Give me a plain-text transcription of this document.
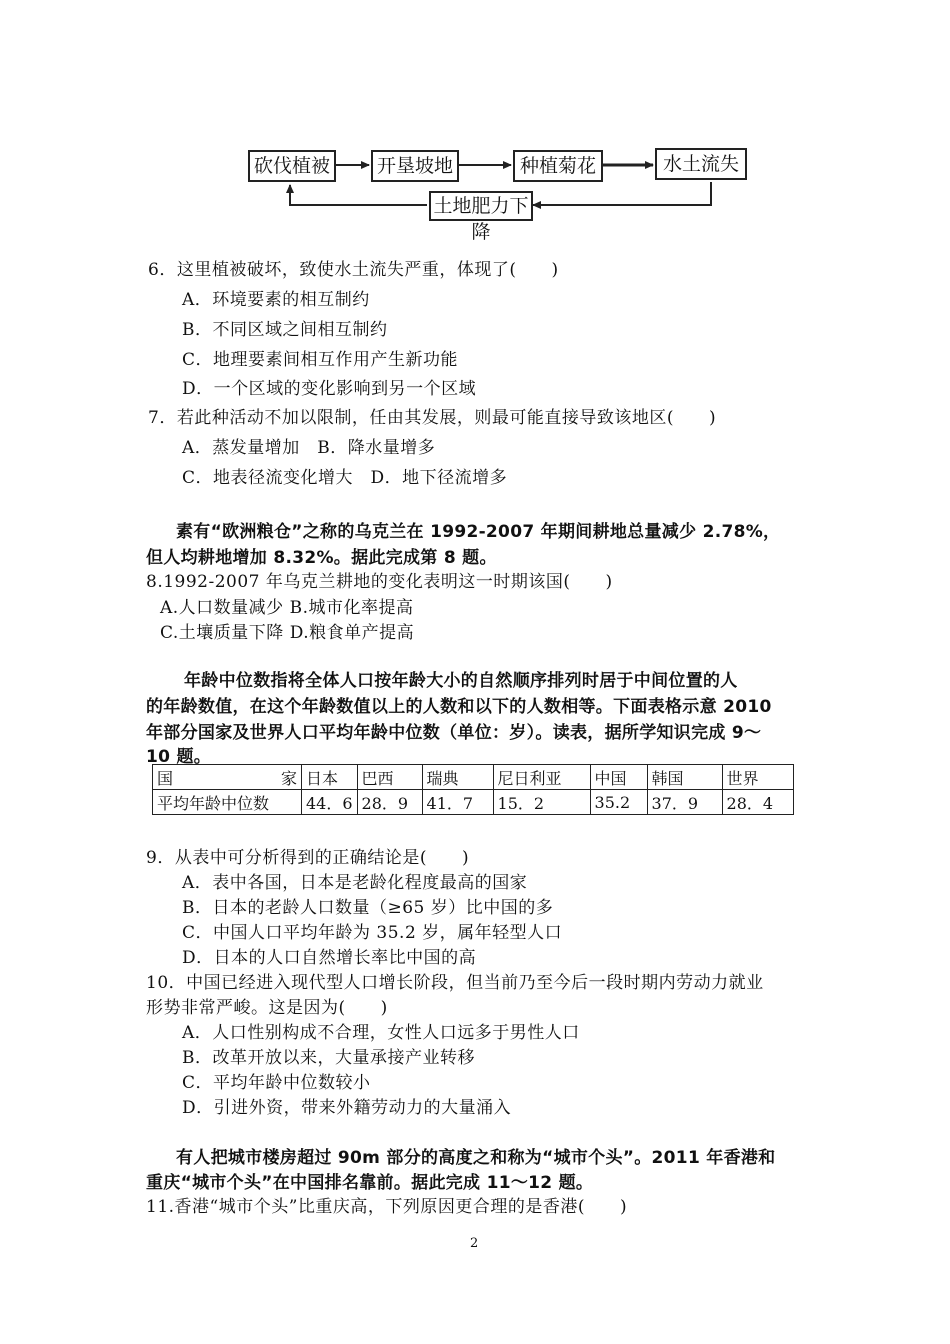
砍伐植被	开垦坡地	种植菊花	水土流失
土地肥力下降
6．这里植被破坏，致使水土流失严重，体现了(　　)
A．环境要素的相互制约
B．不同区域之间相互制约
C．地理要素间相互作用产生新功能
D．一个区域的变化影响到另一个区域
7．若此种活动不加以限制，任由其发展，则最可能直接导致该地区(　　)
A．蒸发量增加　B．降水量增多
C．地表径流变化增大　D．地下径流增多
素有“欧洲粮仓”之称的乌克兰在 1992-2007 年期间耕地总量减少 2.78%，
但人均耕地增加 8.32%。据此完成第 8 题。
8.1992-2007 年乌克兰耕地的变化表明这一时期该国(　　)
A.人口数量减少 B.城市化率提高
C.土壤质量下降 D.粮食单产提高
年龄中位数指将全体人口按年龄大小的自然顺序排列时居于中间位置的人
的年龄数值，在这个年龄数值以上的人数和以下的人数相等。下面表格示意 2010
年部分国家及世界人口平均年龄中位数（单位：岁）。读表，据所学知识完成 9～
10 题。
国 家	日本	巴西	瑞典	尼日利亚	中国	韩国	世界
平均年龄中位数	44．6	28．9	41．7	15．2	35.2	37．9	28．4
9．从表中可分析得到的正确结论是(　　)
A．表中各国，日本是老龄化程度最高的国家
B．日本的老龄人口数量（≥65 岁）比中国的多
C．中国人口平均年龄为 35.2 岁，属年轻型人口
D．日本的人口自然增长率比中国的高
10．中国已经进入现代型人口增长阶段，但当前乃至今后一段时期内劳动力就业
形势非常严峻。这是因为(　　)
A．人口性别构成不合理，女性人口远多于男性人口
B．改革开放以来，大量承接产业转移
C．平均年龄中位数较小
D．引进外资，带来外籍劳动力的大量涌入
有人把城市楼房超过 90m 部分的高度之和称为“城市个头”。2011 年香港和
重庆“城市个头”在中国排名靠前。据此完成 11～12 题。
11.香港“城市个头”比重庆高，下列原因更合理的是香港(　　)
2
